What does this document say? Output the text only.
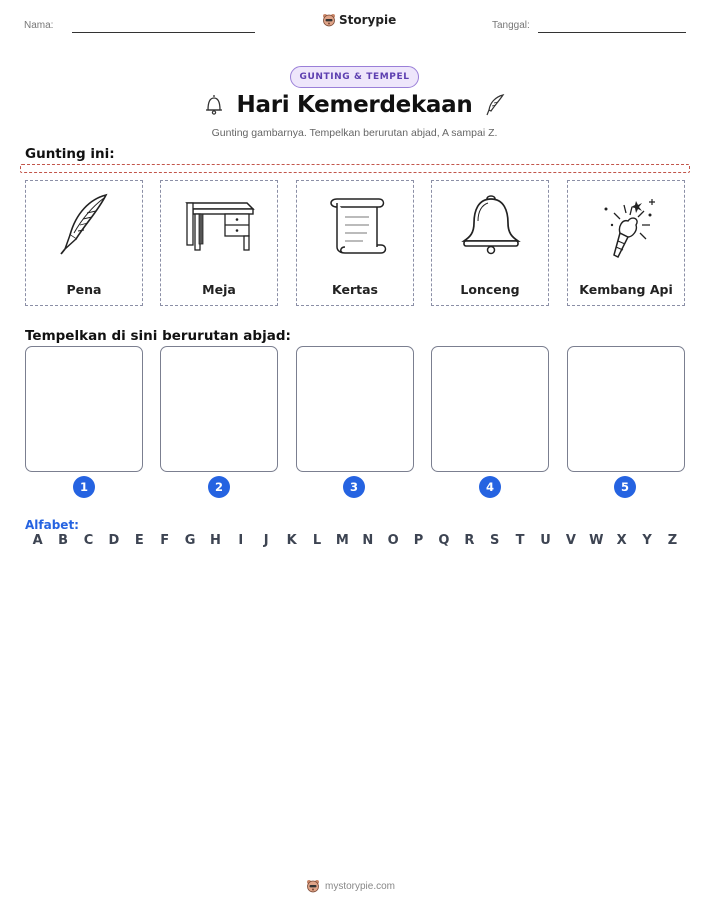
Nama:	Storypie	Tanggal:
GUNTING & TEMPEL
Hari Kemerdekaan
Gunting gambarnya. Tempelkan berurutan abjad, A sampai Z.
Gunting ini:
Pena	Meja	Kertas	Lonceng	Kembang Api
Tempelkan di sini berurutan abjad:
1	2	3	4	5
Alfabet:
A	B	C	D	E	F	G	H	I	J	K	L	M	N	O	P	Q	R	S	T	U	V	W	X	Y	Z
mystorypie.com
